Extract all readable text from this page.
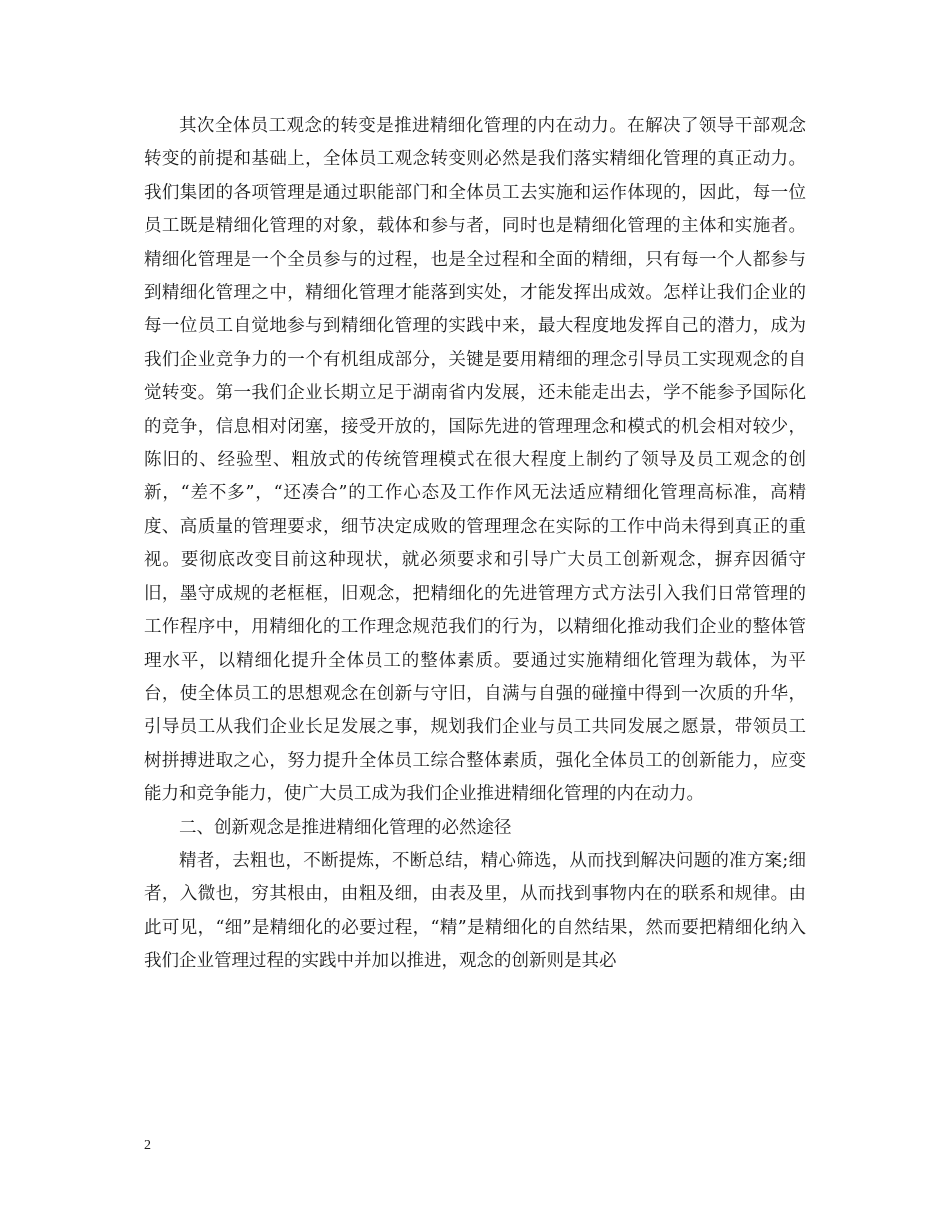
其次全体员工观念的转变是推进精细化管理的内在动力。在解决了领导干部观念转变的前提和基础上，全体员工观念转变则必然是我们落实精细化管理的真正动力。我们集团的各项管理是通过职能部门和全体员工去实施和运作体现的，因此，每一位员工既是精细化管理的对象，载体和参与者，同时也是精细化管理的主体和实施者。精细化管理是一个全员参与的过程，也是全过程和全面的精细，只有每一个人都参与到精细化管理之中，精细化管理才能落到实处，才能发挥出成效。怎样让我们企业的每一位员工自觉地参与到精细化管理的实践中来，最大程度地发挥自己的潜力，成为我们企业竞争力的一个有机组成部分，关键是要用精细的理念引导员工实现观念的自觉转变。第一我们企业长期立足于湖南省内发展，还未能走出去，学不能参予国际化的竞争，信息相对闭塞，接受开放的，国际先进的管理理念和模式的机会相对较少，陈旧的、经验型、粗放式的传统管理模式在很大程度上制约了领导及员工观念的创新，“差不多”，“还凑合”的工作心态及工作作风无法适应精细化管理高标准，高精度、高质量的管理要求，细节决定成败的管理理念在实际的工作中尚未得到真正的重视。要彻底改变目前这种现状，就必须要求和引导广大员工创新观念，摒弃因循守旧，墨守成规的老框框，旧观念，把精细化的先进管理方式方法引入我们日常管理的工作程序中，用精细化的工作理念规范我们的行为，以精细化推动我们企业的整体管理水平，以精细化提升全体员工的整体素质。要通过实施精细化管理为载体，为平台，使全体员工的思想观念在创新与守旧，自满与自强的碰撞中得到一次质的升华，引导员工从我们企业长足发展之事，规划我们企业与员工共同发展之愿景，带领员工树拼搏进取之心，努力提升全体员工综合整体素质，强化全体员工的创新能力，应变能力和竞争能力，使广大员工成为我们企业推进精细化管理的内在动力。

二、创新观念是推进精细化管理的必然途径

精者，去粗也，不断提炼，不断总结，精心筛选，从而找到解决问题的准方案;细者，入微也，穷其根由，由粗及细，由表及里，从而找到事物内在的联系和规律。由此可见，“细”是精细化的必要过程，“精”是精细化的自然结果，然而要把精细化纳入我们企业管理过程的实践中并加以推进，观念的创新则是其必

2
